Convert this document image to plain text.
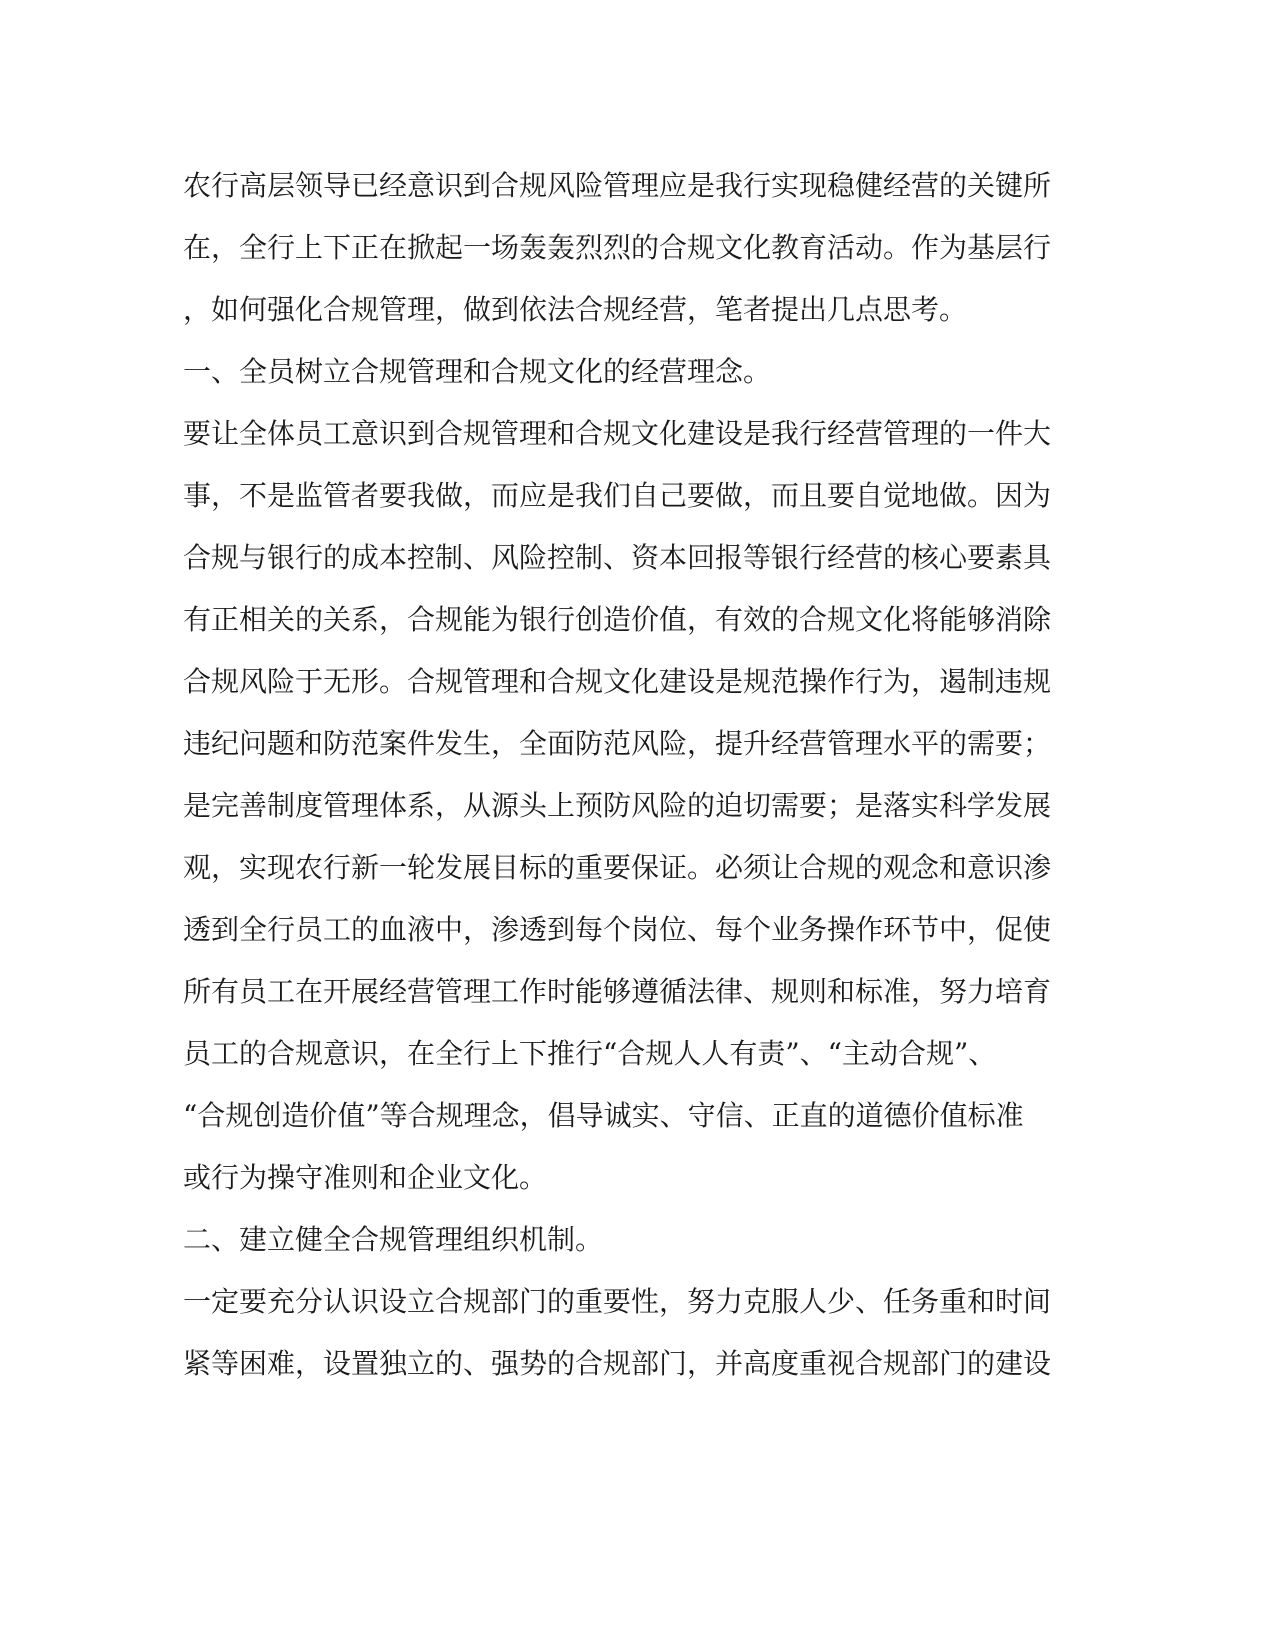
农行高层领导已经意识到合规风险管理应是我行实现稳健经营的关键所
在，全行上下正在掀起一场轰轰烈烈的合规文化教育活动。作为基层行
，如何强化合规管理，做到依法合规经营，笔者提出几点思考。
一、全员树立合规管理和合规文化的经营理念。
要让全体员工意识到合规管理和合规文化建设是我行经营管理的一件大
事，不是监管者要我做，而应是我们自己要做，而且要自觉地做。因为
合规与银行的成本控制、风险控制、资本回报等银行经营的核心要素具
有正相关的关系，合规能为银行创造价值，有效的合规文化将能够消除
合规风险于无形。合规管理和合规文化建设是规范操作行为，遏制违规
违纪问题和防范案件发生，全面防范风险，提升经营管理水平的需要；
是完善制度管理体系，从源头上预防风险的迫切需要；是落实科学发展
观，实现农行新一轮发展目标的重要保证。必须让合规的观念和意识渗
透到全行员工的血液中，渗透到每个岗位、每个业务操作环节中，促使
所有员工在开展经营管理工作时能够遵循法律、规则和标准，努力培育
员工的合规意识，在全行上下推行“合规人人有责”、“主动合规”、
“合规创造价值”等合规理念，倡导诚实、守信、正直的道德价值标准
或行为操守准则和企业文化。
二、建立健全合规管理组织机制。
一定要充分认识设立合规部门的重要性，努力克服人少、任务重和时间
紧等困难，设置独立的、强势的合规部门，并高度重视合规部门的建设
